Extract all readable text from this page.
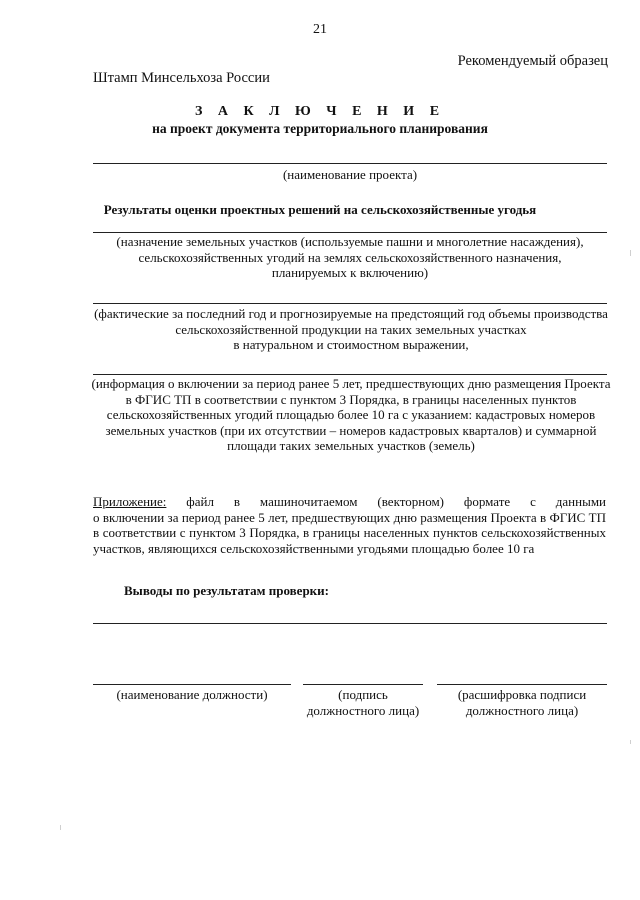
21
Рекомендуемый образец
Штамп Минсельхоза России
З А К Л Ю Ч Е Н И Е
на проект документа территориального планирования
(наименование проекта)
Результаты оценки проектных решений на сельскохозяйственные угодья
(назначение земельных участков (используемые пашни и многолетние насаждения),
сельскохозяйственных угодий на землях сельскохозяйственного назначения,
планируемых к включению)
(фактические за последний год и прогнозируемые на предстоящий год объемы производства
сельскохозяйственной продукции на таких земельных участках
в натуральном и стоимостном выражении,
(информация о включении за период ранее 5 лет, предшествующих дню размещения Проекта
в ФГИС ТП в соответствии с пунктом 3 Порядка, в границы населенных пунктов
сельскохозяйственных угодий площадью более 10 га с указанием: кадастровых номеров
земельных участков (при их отсутствии – номеров кадастровых кварталов) и суммарной
площади таких земельных участков (земель)
Приложение: файл в машиночитаемом (векторном) формате с данными
о включении за период ранее 5 лет, предшествующих дню размещения Проекта в ФГИС ТП в соответствии с пунктом 3 Порядка, в границы населенных пунктов сельскохозяйственных участков, являющихся сельскохозяйственными угодьями площадью более 10 га
Выводы по результатам проверки:
(наименование должности)	(подпись
должностного лица)
(расшифровка подписи
должностного лица)
